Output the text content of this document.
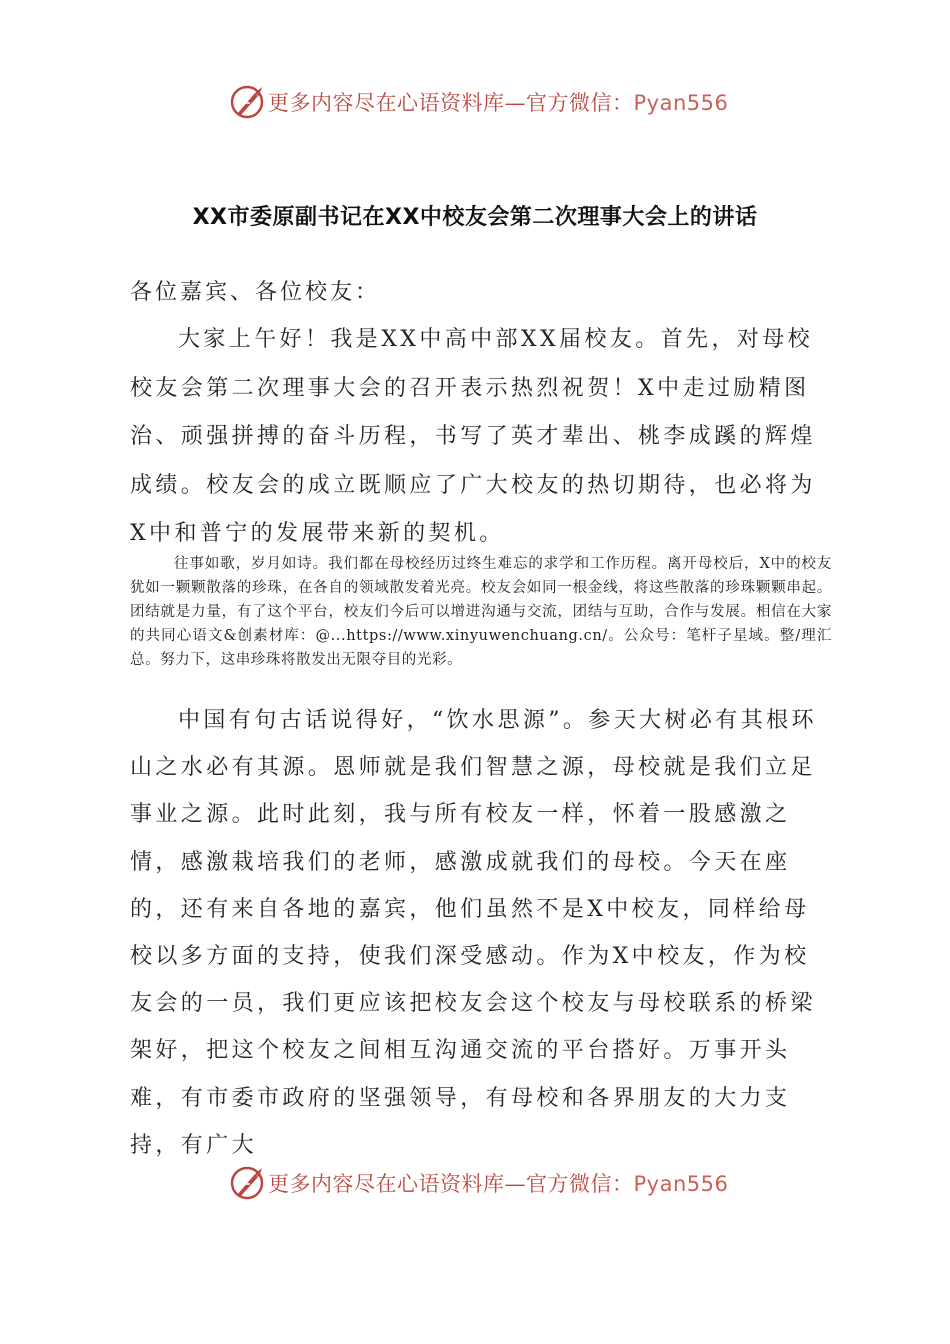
更多内容尽在心语资料库—官方微信：Pyan556
XX市委原副书记在XX中校友会第二次理事大会上的讲话

各位嘉宾、各位校友：

大家上午好！我是XX中高中部XX届校友。首先，对母校校友会第二次理事大会的召开表示热烈祝贺！X中走过励精图治、顽强拼搏的奋斗历程，书写了英才辈出、桃李成蹊的辉煌成绩。校友会的成立既顺应了广大校友的热切期待，也必将为X中和普宁的发展带来新的契机。

往事如歌，岁月如诗。我们都在母校经历过终生难忘的求学和工作历程。离开母校后，X中的校友犹如一颗颗散落的珍珠，在各自的领域散发着光亮。校友会如同一根金线，将这些散落的珍珠颗颗串起。团结就是力量，有了这个平台，校友们今后可以增进沟通与交流，团结与互助，合作与发展。相信在大家的共同心语文&创素材库：@...https://www.xinyuwenchuang.cn/。公众号：笔杆子星域。整/理汇总。努力下，这串珍珠将散发出无限夺目的光彩。

中国有句古话说得好，“饮水思源”。参天大树必有其根环山之水必有其源。恩师就是我们智慧之源，母校就是我们立足事业之源。此时此刻，我与所有校友一样，怀着一股感激之情，感激栽培我们的老师，感激成就我们的母校。今天在座的，还有来自各地的嘉宾，他们虽然不是X中校友，同样给母校以多方面的支持，使我们深受感动。作为X中校友，作为校友会的一员，我们更应该把校友会这个校友与母校联系的桥梁架好，把这个校友之间相互沟通交流的平台搭好。万事开头难，有市委市政府的坚强领导，有母校和各界朋友的大力支持，有广大

更多内容尽在心语资料库—官方微信：Pyan556
